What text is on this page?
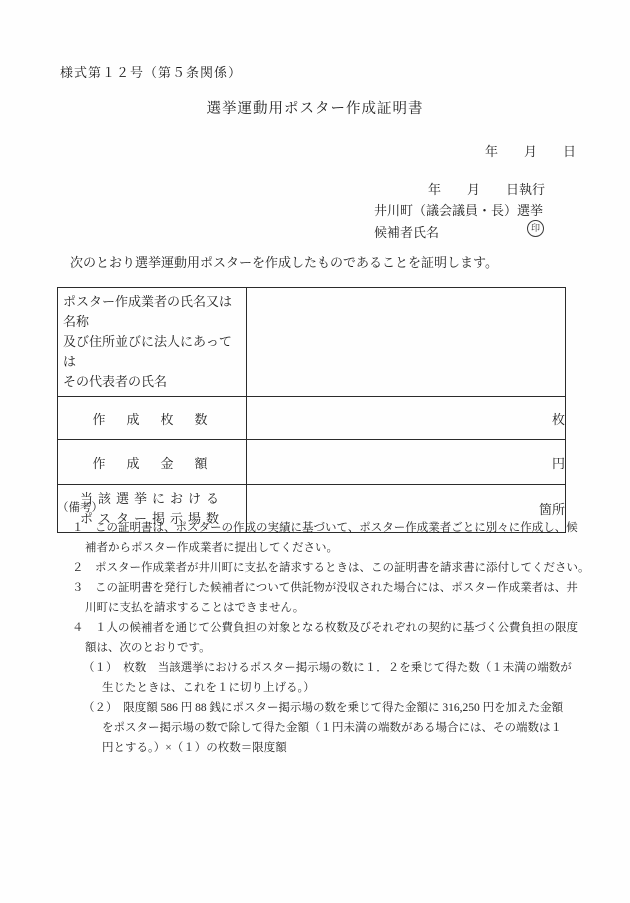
様式第１２号（第５条関係）
選挙運動用ポスター作成証明書
年　　月　　日
年　　月　　日執行
井川町（議会議員・長）選挙
候補者氏名	印

　次のとおり選挙運動用ポスターを作成したものであることを証明します。

ポスター作成業者の氏名又は名称
及び住所並びに法人にあっては
その代表者の氏名	

作　成　枚　数	枚

作　成　金　額	円

当該選挙における
ポスター掲示場数	箇所
（備考）
１　この証明書は、ポスターの作成の実績に基づいて、ポスター作成業者ごとに別々に作成し、候
補者からポスター作成業者に提出してください。
２　ポスター作成業者が井川町に支払を請求するときは、この証明書を請求書に添付してください。
３　この証明書を発行した候補者について供託物が没収された場合には、ポスター作成業者は、井
川町に支払を請求することはできません。
４　１人の候補者を通じて公費負担の対象となる枚数及びそれぞれの契約に基づく公費負担の限度
額は、次のとおりです。
（１）　枚数　当該選挙におけるポスター掲示場の数に１．２を乗じて得た数（１未満の端数が
生じたときは、これを１に切り上げる。）
（２）　限度額 586 円 88 銭にポスター掲示場の数を乗じて得た金額に 316,250 円を加えた金額
をポスター掲示場の数で除して得た金額（１円未満の端数がある場合には、その端数は１
円とする。）×（１）の枚数＝限度額
